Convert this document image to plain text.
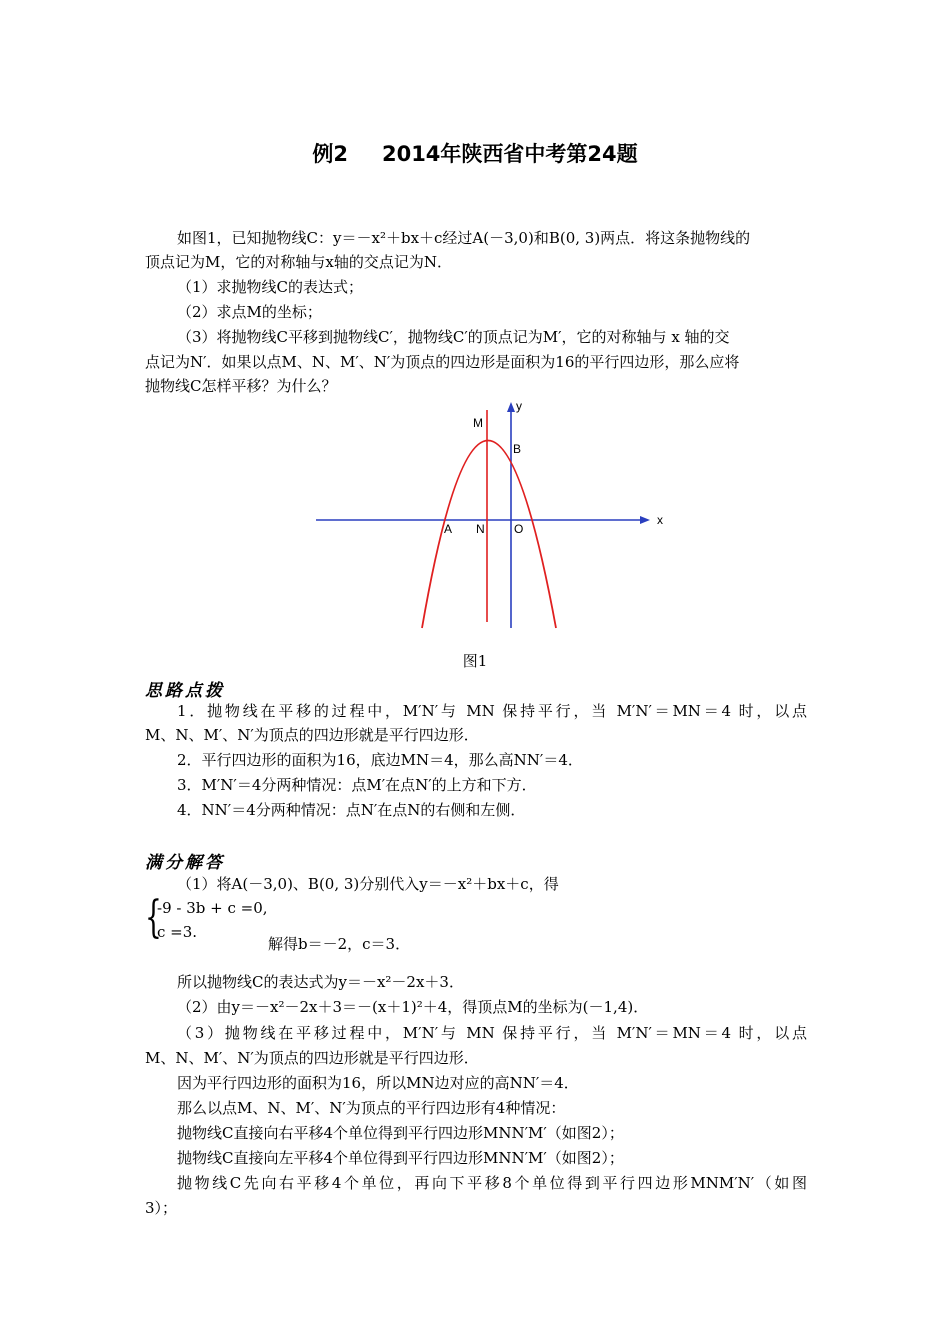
例2 2014年陕西省中考第24题
如图1，已知抛物线C：y＝－x²＋bx＋c经过A(－3,0)和B(0, 3)两点．将这条抛物线的
顶点记为M，它的对称轴与x轴的交点记为N．
（1）求抛物线C的表达式；
（2）求点M的坐标；
（3）将抛物线C平移到抛物线C′，抛物线C′的顶点记为M′，它的对称轴与 x 轴的交
点记为N′．如果以点M、N、M′、N′为顶点的四边形是面积为16的平行四边形，那么应将
抛物线C怎样平移？为什么？
M
B
y
A N O
x
图1
思路点拨
1．抛物线在平移的过程中，M′N′与 MN 保持平行，当 M′N′＝MN＝4 时，以点
M、N、M′、N′为顶点的四边形就是平行四边形．
2．平行四边形的面积为16，底边MN＝4，那么高NN′＝4．
3．M′N′＝4分两种情况：点M′在点N′的上方和下方．
4．NN′＝4分两种情况：点N′在点N的右侧和左侧．
满分解答
（1）将A(－3,0)、B(0, 3)分别代入y＝－x²＋bx＋c，得
{
-9 - 3b + c =0,
c =3.
解得b＝－2，c＝3．
所以抛物线C的表达式为y＝－x²－2x＋3．
（2）由y＝－x²－2x＋3＝－(x＋1)²＋4，得顶点M的坐标为(－1,4)．
（3）抛物线在平移过程中，M′N′与 MN 保持平行，当 M′N′＝MN＝4 时，以点
M、N、M′、N′为顶点的四边形就是平行四边形．
因为平行四边形的面积为16，所以MN边对应的高NN′＝4．
那么以点M、N、M′、N′为顶点的平行四边形有4种情况：
抛物线C直接向右平移4个单位得到平行四边形MNN′M′（如图2）；
抛物线C直接向左平移4个单位得到平行四边形MNN′M′（如图2）；
抛物线C先向右平移4个单位，再向下平移8个单位得到平行四边形MNM′N′（如图
3）；
